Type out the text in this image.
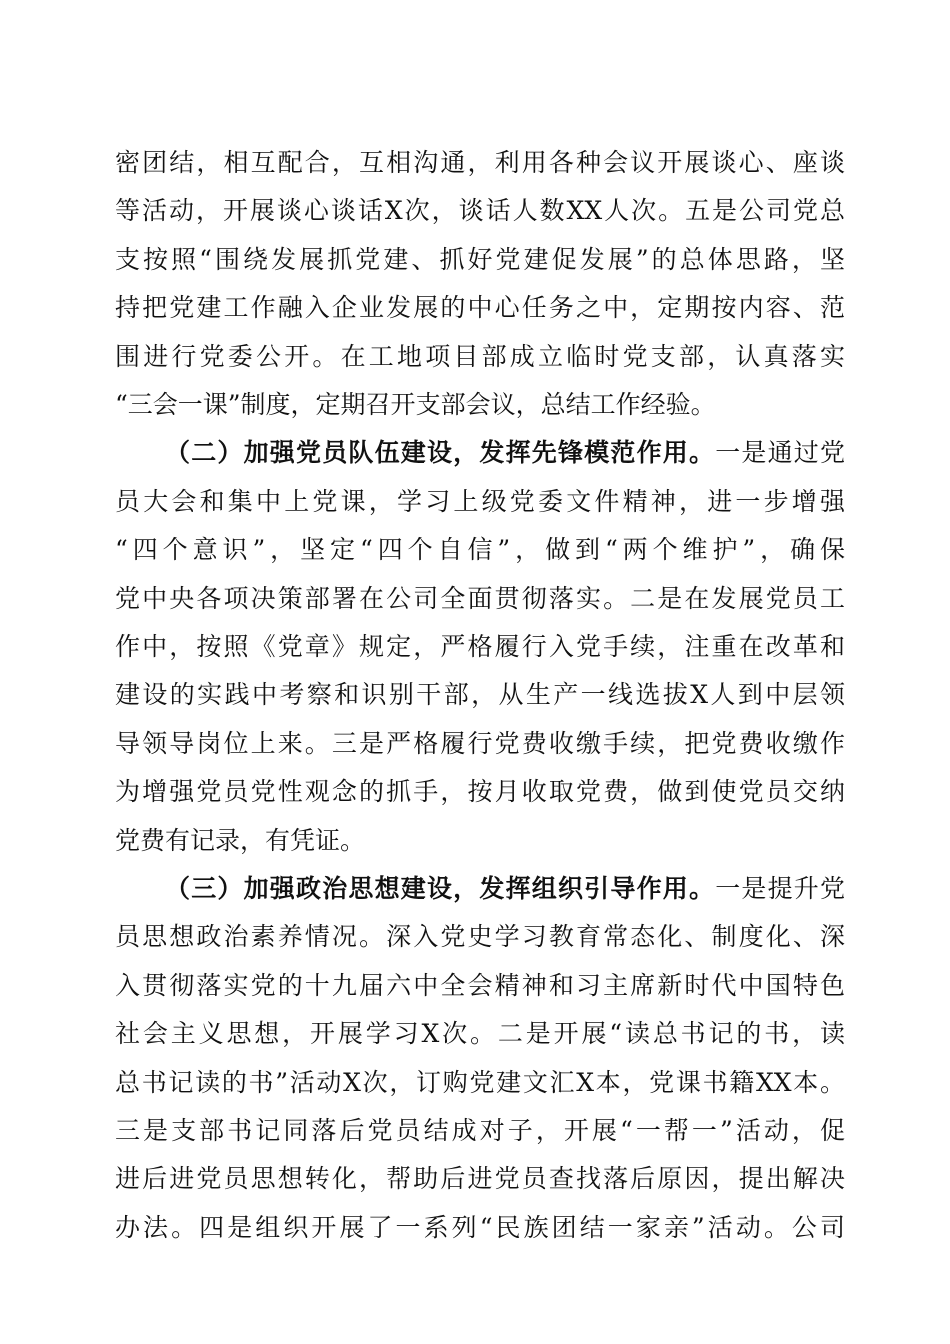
密团结，相互配合，互相沟通，利用各种会议开展谈心、座谈
等活动，开展谈心谈话X次，谈话人数XX人次。五是公司党总
支按照“围绕发展抓党建、抓好党建促发展”的总体思路，坚
持把党建工作融入企业发展的中心任务之中，定期按内容、范
围进行党委公开。在工地项目部成立临时党支部，认真落实
“三会一课”制度，定期召开支部会议，总结工作经验。
（二）加强党员队伍建设，发挥先锋模范作用。一是通过党
员大会和集中上党课，学习上级党委文件精神，进一步增强
“四个意识”，坚定“四个自信”，做到“两个维护”，确保
党中央各项决策部署在公司全面贯彻落实。二是在发展党员工
作中，按照《党章》规定，严格履行入党手续，注重在改革和
建设的实践中考察和识别干部，从生产一线选拔X人到中层领
导领导岗位上来。三是严格履行党费收缴手续，把党费收缴作
为增强党员党性观念的抓手，按月收取党费，做到使党员交纳
党费有记录，有凭证。
（三）加强政治思想建设，发挥组织引导作用。一是提升党
员思想政治素养情况。深入党史学习教育常态化、制度化、深
入贯彻落实党的十九届六中全会精神和习主席新时代中国特色
社会主义思想，开展学习X次。二是开展“读总书记的书，读
总书记读的书”活动X次，订购党建文汇X本，党课书籍XX本。
三是支部书记同落后党员结成对子，开展“一帮一”活动，促
进后进党员思想转化，帮助后进党员查找落后原因，提出解决
办法。四是组织开展了一系列“民族团结一家亲”活动。公司
